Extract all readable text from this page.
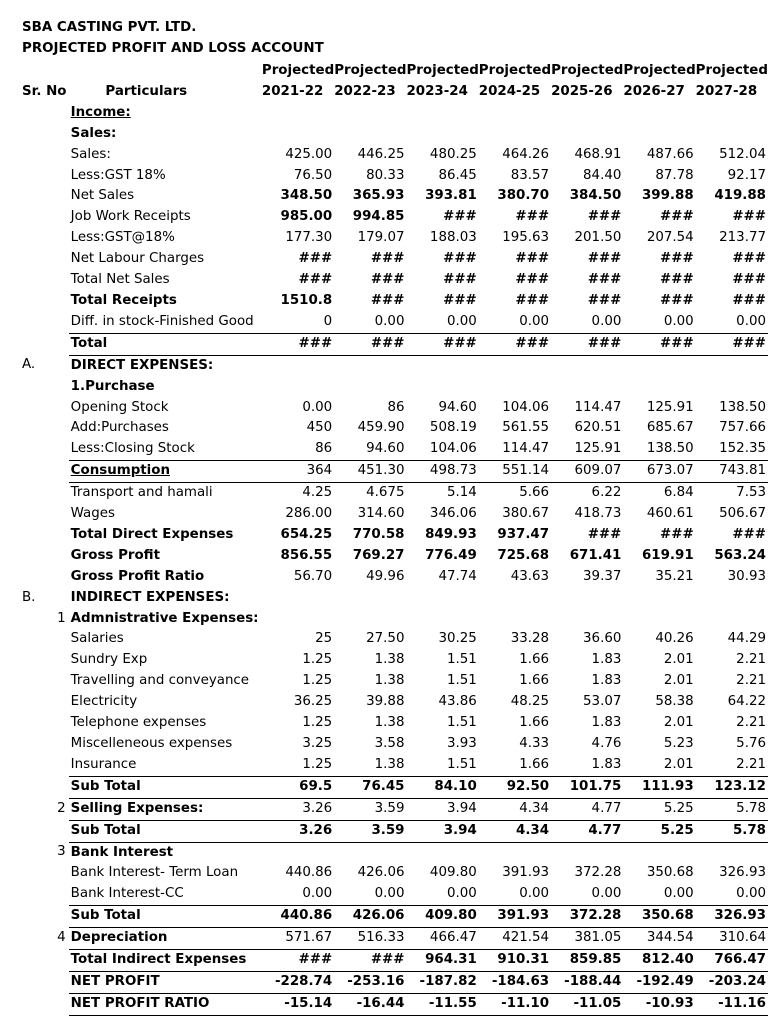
SBA CASTING PVT. LTD.
PROJECTED PROFIT AND LOSS ACCOUNT
			Projected	Projected	Projected	Projected	Projected	Projected	Projected
Sr. No		Particulars	2021-22	2022-23	2023-24	2024-25	2025-26	2026-27	2027-28
		Income:							
		Sales:							
		Sales:	425.00	446.25	480.25	464.26	468.91	487.66	512.04
		Less:GST 18%	76.50	80.33	86.45	83.57	84.40	87.78	92.17
		Net Sales	348.50	365.93	393.81	380.70	384.50	399.88	419.88
		Job Work Receipts	985.00	994.85	###	###	###	###	###
		Less:GST@18%	177.30	179.07	188.03	195.63	201.50	207.54	213.77
		Net Labour Charges	###	###	###	###	###	###	###
		Total Net Sales	###	###	###	###	###	###	###
		Total Receipts	1510.8	###	###	###	###	###	###
		Diff. in stock-Finished Good	0	0.00	0.00	0.00	0.00	0.00	0.00
		Total	###	###	###	###	###	###	###
A.		DIRECT EXPENSES:							
		1.Purchase							
		Opening Stock	0.00	86	94.60	104.06	114.47	125.91	138.50
		Add:Purchases	450	459.90	508.19	561.55	620.51	685.67	757.66
		Less:Closing Stock	86	94.60	104.06	114.47	125.91	138.50	152.35
		Consumption	364	451.30	498.73	551.14	609.07	673.07	743.81
		Transport and hamali	4.25	4.675	5.14	5.66	6.22	6.84	7.53
		Wages	286.00	314.60	346.06	380.67	418.73	460.61	506.67
		Total Direct Expenses	654.25	770.58	849.93	937.47	###	###	###
		Gross Profit	856.55	769.27	776.49	725.68	671.41	619.91	563.24
		Gross Profit Ratio	56.70	49.96	47.74	43.63	39.37	35.21	30.93
B.		INDIRECT EXPENSES:							
	1	Admnistrative Expenses:							
		Salaries	25	27.50	30.25	33.28	36.60	40.26	44.29
		Sundry Exp	1.25	1.38	1.51	1.66	1.83	2.01	2.21
		Travelling and conveyance	1.25	1.38	1.51	1.66	1.83	2.01	2.21
		Electricity	36.25	39.88	43.86	48.25	53.07	58.38	64.22
		Telephone expenses	1.25	1.38	1.51	1.66	1.83	2.01	2.21
		Miscelleneous expenses	3.25	3.58	3.93	4.33	4.76	5.23	5.76
		Insurance	1.25	1.38	1.51	1.66	1.83	2.01	2.21
		Sub Total	69.5	76.45	84.10	92.50	101.75	111.93	123.12
	2	Selling Expenses:	3.26	3.59	3.94	4.34	4.77	5.25	5.78
		Sub Total	3.26	3.59	3.94	4.34	4.77	5.25	5.78
	3	Bank Interest							
		Bank Interest- Term Loan	440.86	426.06	409.80	391.93	372.28	350.68	326.93
		Bank Interest-CC	0.00	0.00	0.00	0.00	0.00	0.00	0.00
		Sub Total	440.86	426.06	409.80	391.93	372.28	350.68	326.93
	4	Depreciation	571.67	516.33	466.47	421.54	381.05	344.54	310.64
		Total Indirect Expenses	###	###	964.31	910.31	859.85	812.40	766.47
		NET PROFIT	-228.74	-253.16	-187.82	-184.63	-188.44	-192.49	-203.24
		NET PROFIT RATIO	-15.14	-16.44	-11.55	-11.10	-11.05	-10.93	-11.16
